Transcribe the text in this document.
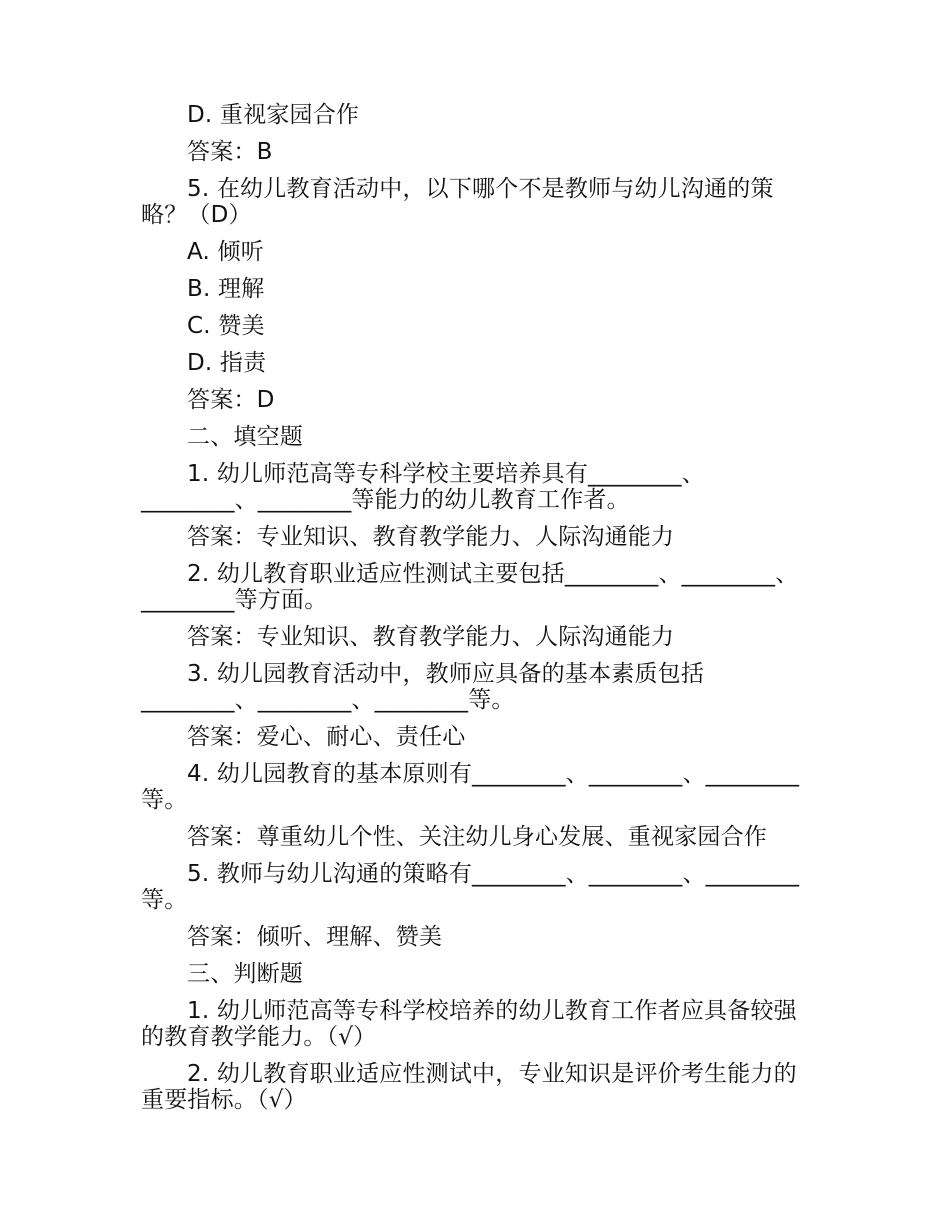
D. 重视家园合作

答案：B

5. 在幼儿教育活动中，以下哪个不是教师与幼儿沟通的策略？（D）

A. 倾听

B. 理解

C. 赞美

D. 指责

答案：D

二、填空题

1. 幼儿师范高等专科学校主要培养具有________、________、________等能力的幼儿教育工作者。

答案：专业知识、教育教学能力、人际沟通能力

2. 幼儿教育职业适应性测试主要包括________、________、________等方面。

答案：专业知识、教育教学能力、人际沟通能力

3. 幼儿园教育活动中，教师应具备的基本素质包括________、________、________等。

答案：爱心、耐心、责任心

4. 幼儿园教育的基本原则有________、________、________等。

答案：尊重幼儿个性、关注幼儿身心发展、重视家园合作

5. 教师与幼儿沟通的策略有________、________、________等。

答案：倾听、理解、赞美

三、判断题

1. 幼儿师范高等专科学校培养的幼儿教育工作者应具备较强的教育教学能力。（√）

2. 幼儿教育职业适应性测试中，专业知识是评价考生能力的重要指标。（√）
